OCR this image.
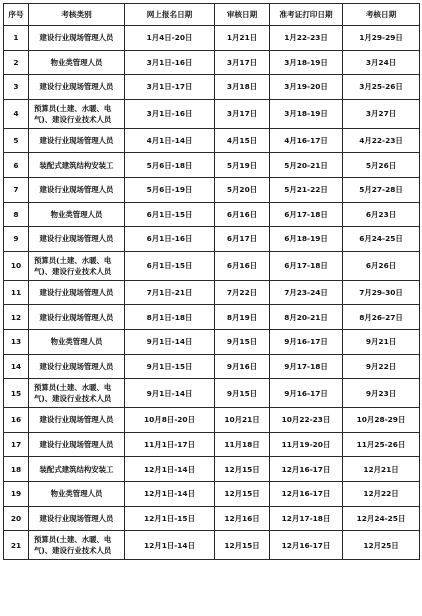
序号	考核类别	网上报名日期	审核日期	准考证打印日期	考核日期
1	建设行业现场管理人员	1月4日-20日	1月21日	1月22-23日	1月29-29日
2	物业类管理人员	3月1日-16日	3月17日	3月18-19日	3月24日
3	建设行业现场管理人员	3月1日-17日	3月18日	3月19-20日	3月25-26日
4	预算员(土建、水暖、电气)、建设行业技术人员	3月1日-16日	3月17日	3月18-19日	3月27日
5	建设行业现场管理人员	4月1日-14日	4月15日	4月16-17日	4月22-23日
6	装配式建筑结构安装工	5月6日-18日	5月19日	5月20-21日	5月26日
7	建设行业现场管理人员	5月6日-19日	5月20日	5月21-22日	5月27-28日
8	物业类管理人员	6月1日-15日	6月16日	6月17-18日	6月23日
9	建设行业现场管理人员	6月1日-16日	6月17日	6月18-19日	6月24-25日
10	预算员(土建、水暖、电气)、建设行业技术人员	6月1日-15日	6月16日	6月17-18日	6月26日
11	建设行业现场管理人员	7月1日-21日	7月22日	7月23-24日	7月29-30日
12	建设行业现场管理人员	8月1日-18日	8月19日	8月20-21日	8月26-27日
13	物业类管理人员	9月1日-14日	9月15日	9月16-17日	9月21日
14	建设行业现场管理人员	9月1日-15日	9月16日	9月17-18日	9月22日
15	预算员(土建、水暖、电气)、建设行业技术人员	9月1日-14日	9月15日	9月16-17日	9月23日
16	建设行业现场管理人员	10月8日-20日	10月21日	10月22-23日	10月28-29日
17	建设行业现场管理人员	11月1日-17日	11月18日	11月19-20日	11月25-26日
18	装配式建筑结构安装工	12月1日-14日	12月15日	12月16-17日	12月21日
19	物业类管理人员	12月1日-14日	12月15日	12月16-17日	12月22日
20	建设行业现场管理人员	12月1日-15日	12月16日	12月17-18日	12月24-25日
21	预算员(土建、水暖、电气)、建设行业技术人员	12月1日-14日	12月15日	12月16-17日	12月25日
